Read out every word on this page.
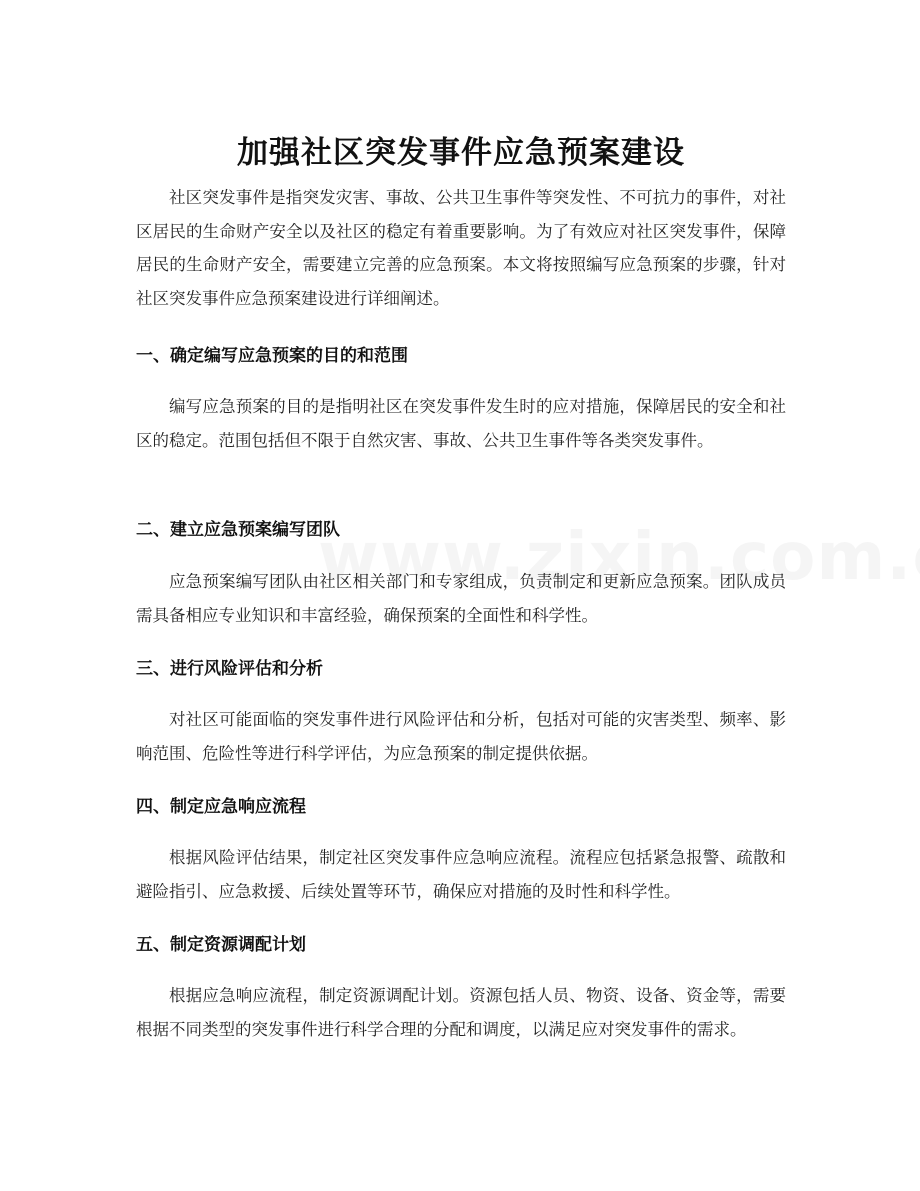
加强社区突发事件应急预案建设

社区突发事件是指突发灾害、事故、公共卫生事件等突发性、不可抗力的事件，对社区居民的生命财产安全以及社区的稳定有着重要影响。为了有效应对社区突发事件，保障居民的生命财产安全，需要建立完善的应急预案。本文将按照编写应急预案的步骤，针对社区突发事件应急预案建设进行详细阐述。

一、确定编写应急预案的目的和范围

编写应急预案的目的是指明社区在突发事件发生时的应对措施，保障居民的安全和社区的稳定。范围包括但不限于自然灾害、事故、公共卫生事件等各类突发事件。

二、建立应急预案编写团队

应急预案编写团队由社区相关部门和专家组成，负责制定和更新应急预案。团队成员需具备相应专业知识和丰富经验，确保预案的全面性和科学性。

三、进行风险评估和分析

对社区可能面临的突发事件进行风险评估和分析，包括对可能的灾害类型、频率、影响范围、危险性等进行科学评估，为应急预案的制定提供依据。

四、制定应急响应流程

根据风险评估结果，制定社区突发事件应急响应流程。流程应包括紧急报警、疏散和避险指引、应急救援、后续处置等环节，确保应对措施的及时性和科学性。

五、制定资源调配计划

根据应急响应流程，制定资源调配计划。资源包括人员、物资、设备、资金等，需要根据不同类型的突发事件进行科学合理的分配和调度，以满足应对突发事件的需求。
